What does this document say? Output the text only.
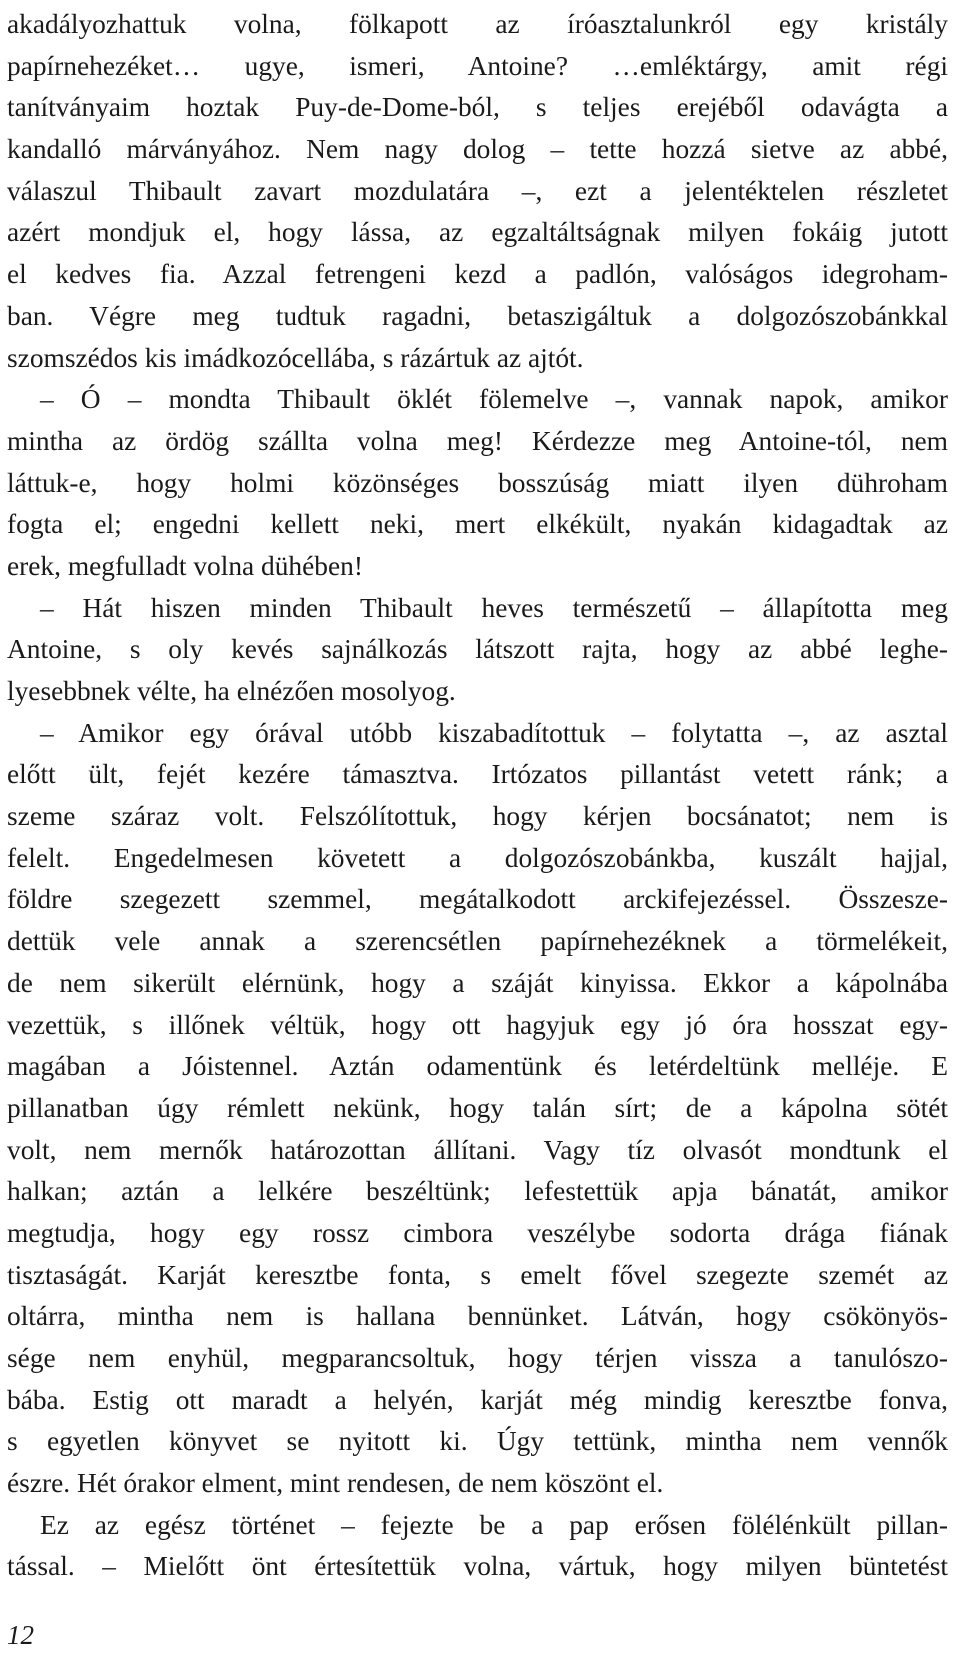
akadályozhattuk volna, fölkapott az íróasztalunkról egy kristály
papírnehezéket… ugye, ismeri, Antoine? …emléktárgy, amit régi
tanítványaim hoztak Puy-de-Dome-ból, s teljes erejéből odavágta a
kandalló márványához. Nem nagy dolog – tette hozzá sietve az abbé,
válaszul Thibault zavart mozdulatára –, ezt a jelentéktelen részletet
azért mondjuk el, hogy lássa, az egzaltáltságnak milyen fokáig jutott
el kedves fia. Azzal fetrengeni kezd a padlón, valóságos idegroham-
ban. Végre meg tudtuk ragadni, betaszigáltuk a dolgozószobánkkal
szomszédos kis imádkozócellába, s rázártuk az ajtót.
– Ó – mondta Thibault öklét fölemelve –, vannak napok, amikor
mintha az ördög szállta volna meg! Kérdezze meg Antoine-tól, nem
láttuk-e, hogy holmi közönséges bosszúság miatt ilyen dühroham
fogta el; engedni kellett neki, mert elkékült, nyakán kidagadtak az
erek, megfulladt volna dühében!
– Hát hiszen minden Thibault heves természetű – állapította meg
Antoine, s oly kevés sajnálkozás látszott rajta, hogy az abbé leghe-
lyesebbnek vélte, ha elnézően mosolyog.
– Amikor egy órával utóbb kiszabadítottuk – folytatta –, az asztal
előtt ült, fejét kezére támasztva. Irtózatos pillantást vetett ránk; a
szeme száraz volt. Felszólítottuk, hogy kérjen bocsánatot; nem is
felelt. Engedelmesen követett a dolgozószobánkba, kuszált hajjal,
földre szegezett szemmel, megátalkodott arckifejezéssel. Összesze-
dettük vele annak a szerencsétlen papírnehezéknek a törmelékeit,
de nem sikerült elérnünk, hogy a száját kinyissa. Ekkor a kápolnába
vezettük, s illőnek véltük, hogy ott hagyjuk egy jó óra hosszat egy-
magában a Jóistennel. Aztán odamentünk és letérdeltünk melléje. E
pillanatban úgy rémlett nekünk, hogy talán sírt; de a kápolna sötét
volt, nem mernők határozottan állítani. Vagy tíz olvasót mondtunk el
halkan; aztán a lelkére beszéltünk; lefestettük apja bánatát, amikor
megtudja, hogy egy rossz cimbora veszélybe sodorta drága fiának
tisztaságát. Karját keresztbe fonta, s emelt fővel szegezte szemét az
oltárra, mintha nem is hallana bennünket. Látván, hogy csökönyös-
sége nem enyhül, megparancsoltuk, hogy térjen vissza a tanulószo-
bába. Estig ott maradt a helyén, karját még mindig keresztbe fonva,
s egyetlen könyvet se nyitott ki. Úgy tettünk, mintha nem vennők
észre. Hét órakor elment, mint rendesen, de nem köszönt el.
Ez az egész történet – fejezte be a pap erősen fölélénkült pillan-
tással. – Mielőtt önt értesítettük volna, vártuk, hogy milyen büntetést
12
